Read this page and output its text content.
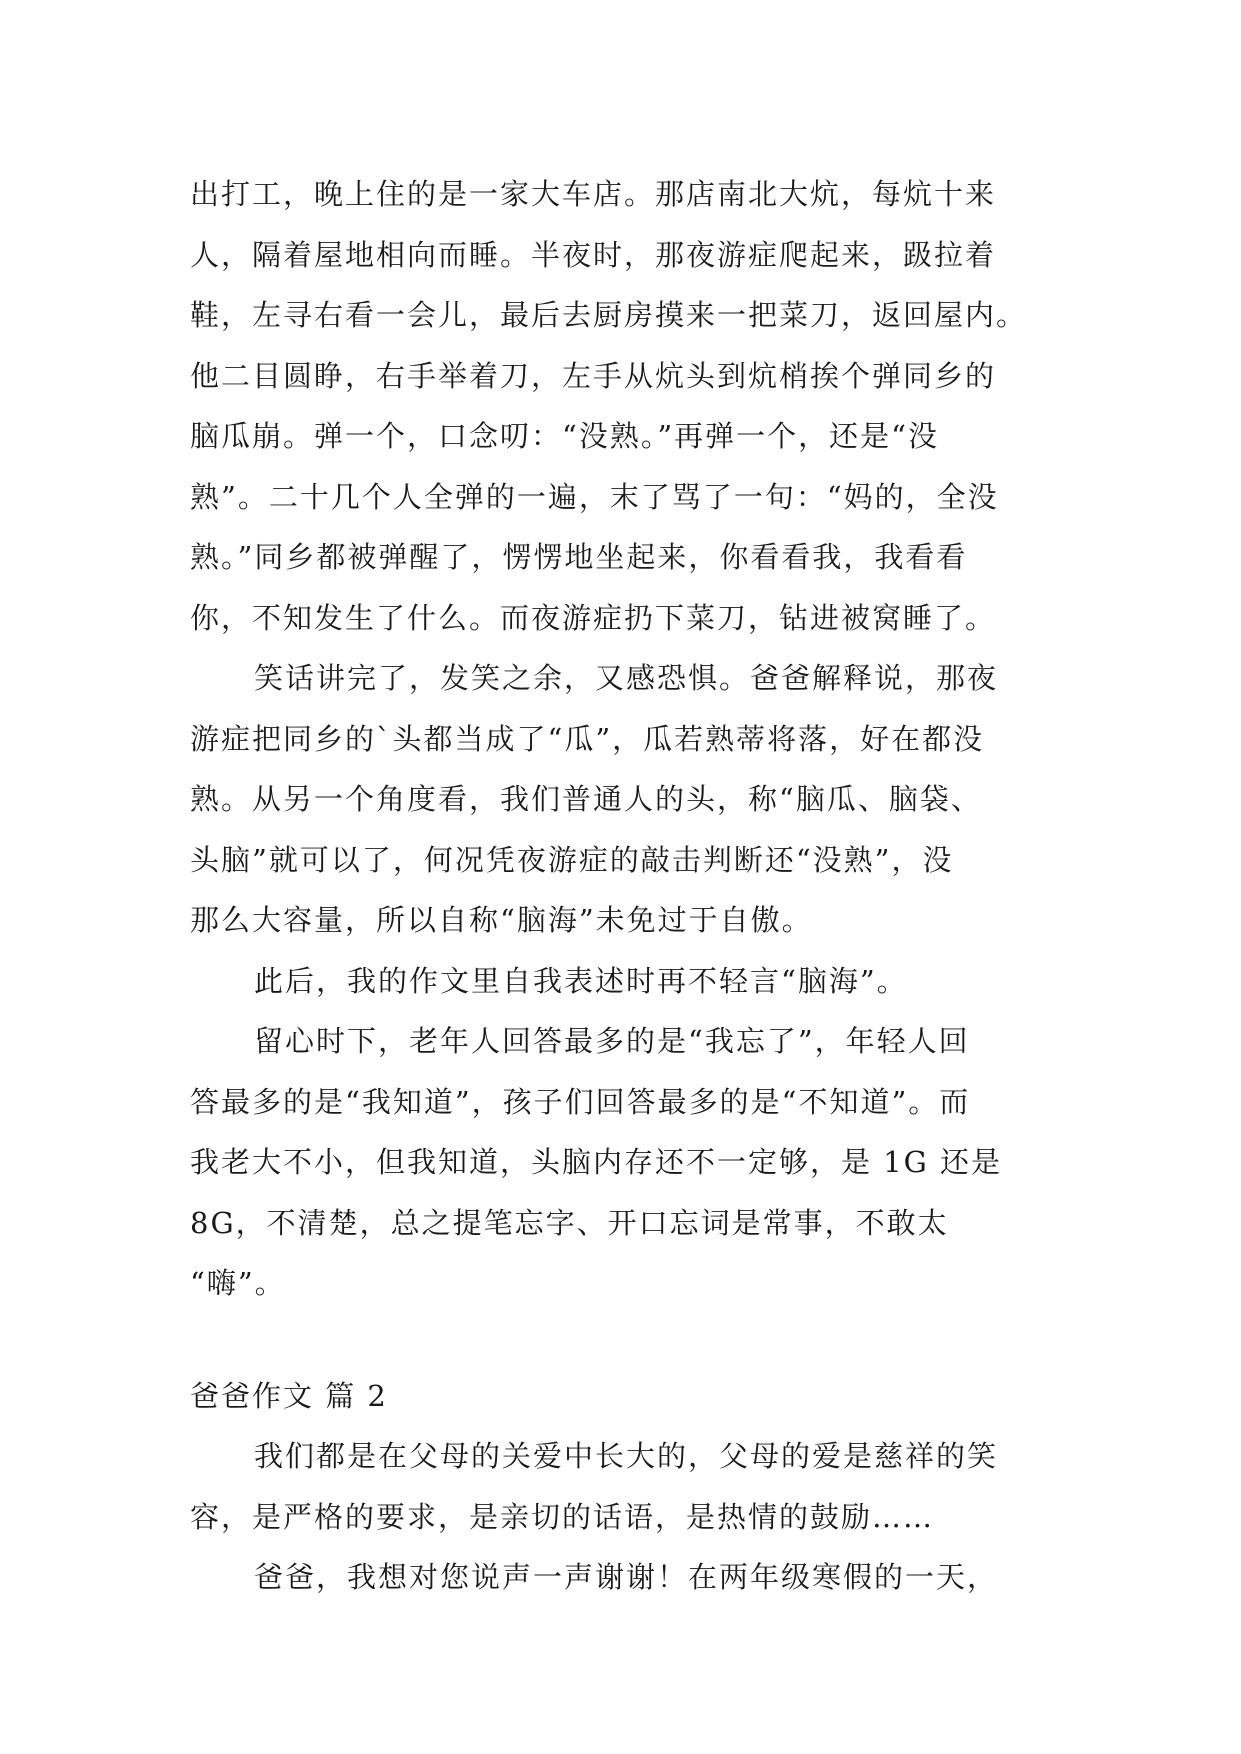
出打工，晚上住的是一家大车店。那店南北大炕，每炕十来
人，隔着屋地相向而睡。半夜时，那夜游症爬起来，趿拉着
鞋，左寻右看一会儿，最后去厨房摸来一把菜刀，返回屋内。
他二目圆睁，右手举着刀，左手从炕头到炕梢挨个弹同乡的
脑瓜崩。弹一个，口念叨：“没熟。”再弹一个，还是“没
熟”。二十几个人全弹的一遍，末了骂了一句：“妈的，全没
熟。”同乡都被弹醒了，愣愣地坐起来，你看看我，我看看
你，不知发生了什么。而夜游症扔下菜刀，钻进被窝睡了。

笑话讲完了，发笑之余，又感恐惧。爸爸解释说，那夜
游症把同乡的`头都当成了“瓜”，瓜若熟蒂将落，好在都没
熟。从另一个角度看，我们普通人的头，称“脑瓜、脑袋、
头脑”就可以了，何况凭夜游症的敲击判断还“没熟”，没
那么大容量，所以自称“脑海”未免过于自傲。

此后，我的作文里自我表述时再不轻言“脑海”。

留心时下，老年人回答最多的是“我忘了”，年轻人回
答最多的是“我知道”，孩子们回答最多的是“不知道”。而
我老大不小，但我知道，头脑内存还不一定够，是 1G 还是
8G，不清楚，总之提笔忘字、开口忘词是常事，不敢太
“嗨”。

爸爸作文 篇 2

我们都是在父母的关爱中长大的，父母的爱是慈祥的笑
容，是严格的要求，是亲切的话语，是热情的鼓励……

爸爸，我想对您说声一声谢谢！在两年级寒假的一天，
